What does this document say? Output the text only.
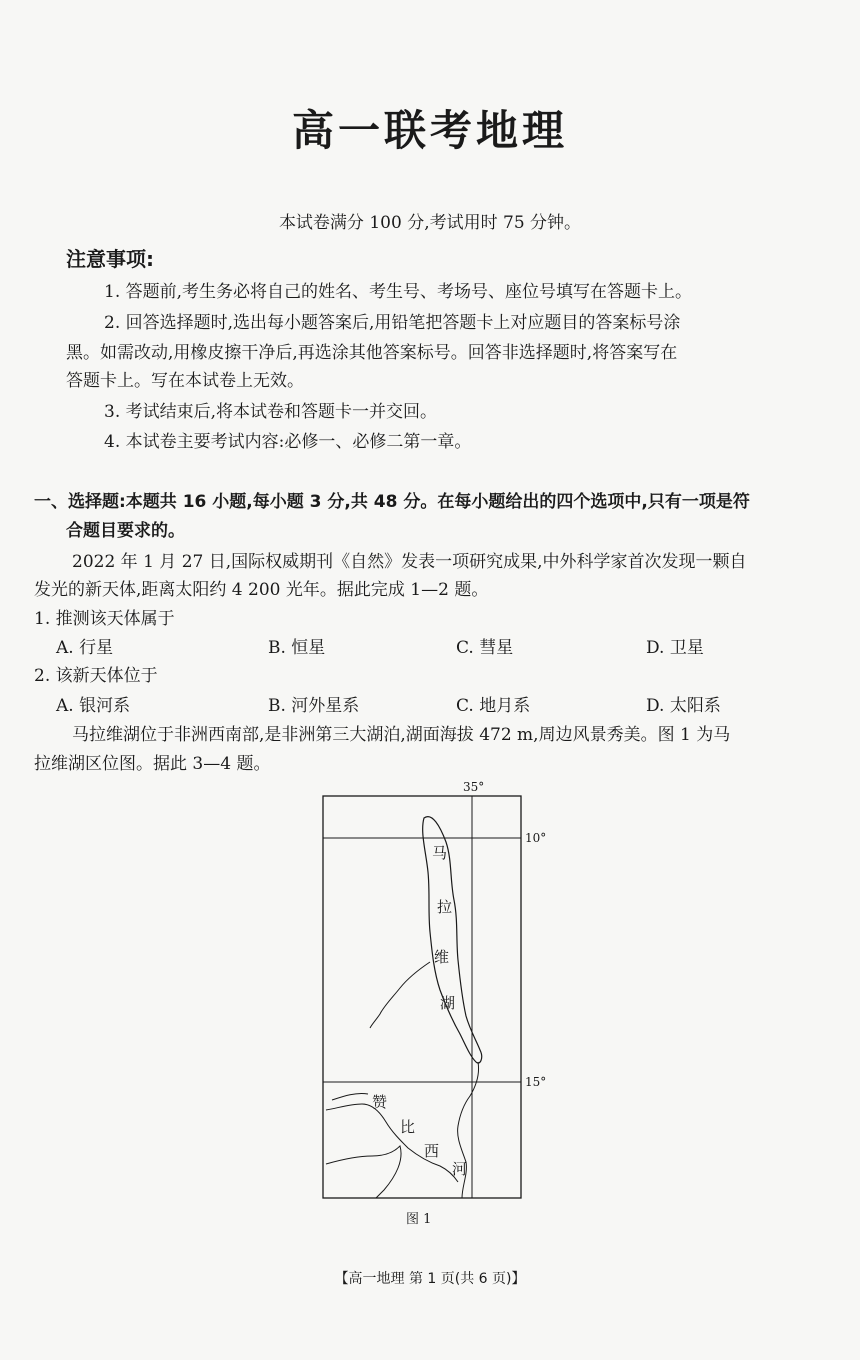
高一联考地理
本试卷满分 100 分,考试用时 75 分钟。
注意事项:
1. 答题前,考生务必将自己的姓名、考生号、考场号、座位号填写在答题卡上。
2. 回答选择题时,选出每小题答案后,用铅笔把答题卡上对应题目的答案标号涂
黑。如需改动,用橡皮擦干净后,再选涂其他答案标号。回答非选择题时,将答案写在
答题卡上。写在本试卷上无效。
3. 考试结束后,将本试卷和答题卡一并交回。
4. 本试卷主要考试内容:必修一、必修二第一章。
一、选择题:本题共 16 小题,每小题 3 分,共 48 分。在每小题给出的四个选项中,只有一项是符
合题目要求的。
2022 年 1 月 27 日,国际权威期刊《自然》发表一项研究成果,中外科学家首次发现一颗自
发光的新天体,距离太阳约 4 200 光年。据此完成 1—2 题。
1. 推测该天体属于
A. 行星	B. 恒星	C. 彗星	D. 卫星
2. 该新天体位于
A. 银河系	B. 河外星系	C. 地月系	D. 太阳系
马拉维湖位于非洲西南部,是非洲第三大湖泊,湖面海拔 472 m,周边风景秀美。图 1 为马
拉维湖区位图。据此 3—4 题。
35°
10°
15°
马
拉
维
湖
赞
比
西
河
图 1
【高一地理 第 1 页(共 6 页)】
